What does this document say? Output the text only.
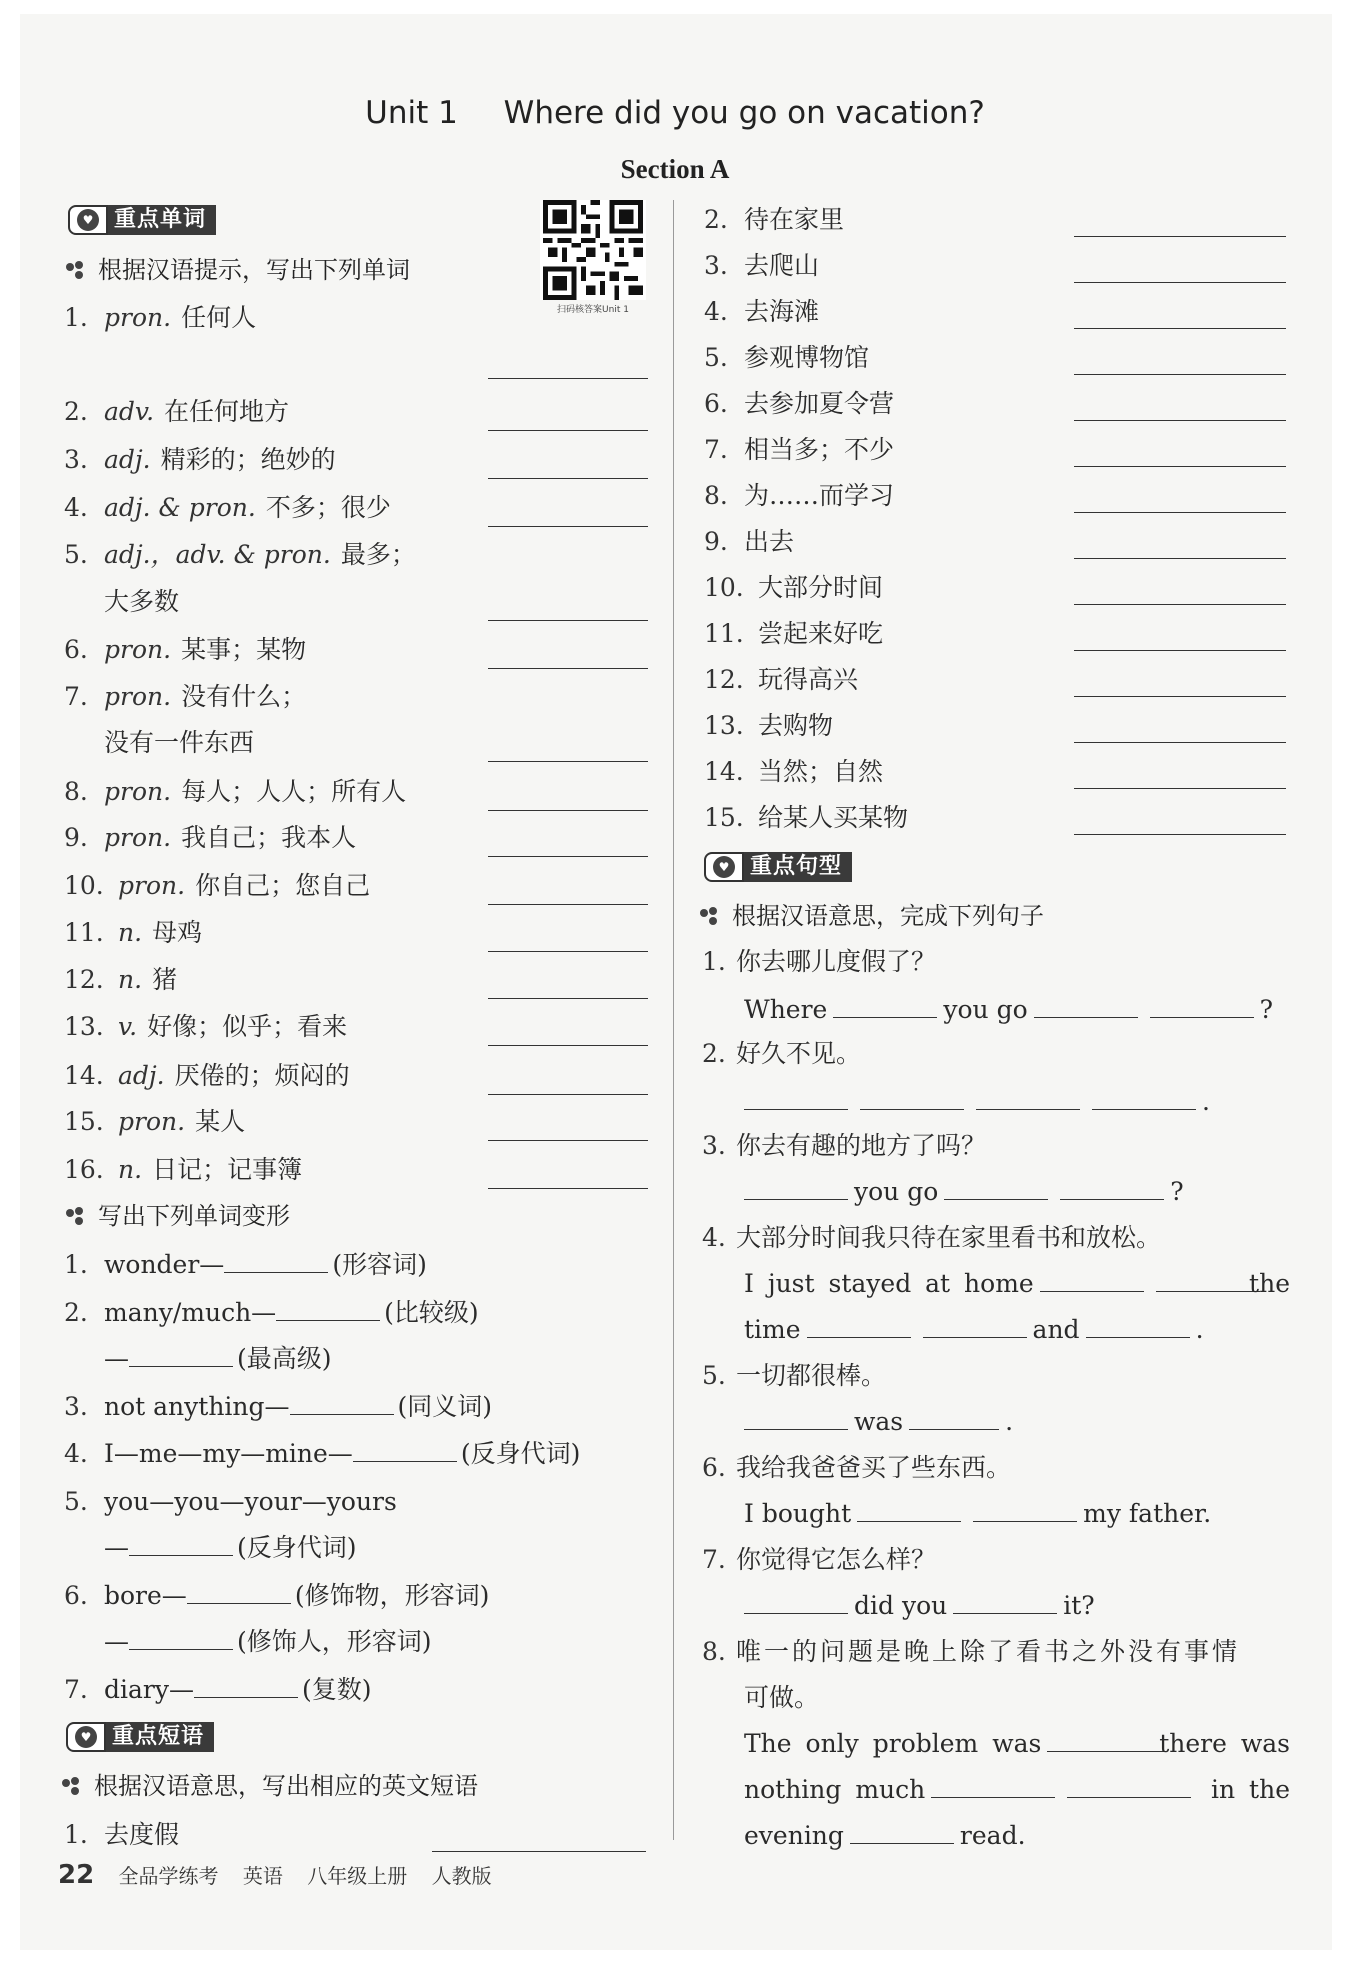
Unit 1 Where did you go on vacation?
Section A
扫码核答案Unit 1
♥ 重点单词
根据汉语提示，写出下列单词
1. pron. 任何人
2. adv. 在任何地方
3. adj. 精彩的；绝妙的
4. adj. & pron. 不多；很少
5. adj.，adv. & pron. 最多；
大多数
6. pron. 某事；某物
7. pron. 没有什么；
没有一件东西
8. pron. 每人；人人；所有人
9. pron. 我自己；我本人
10. pron. 你自己；您自己
11. n. 母鸡
12. n. 猪
13. v. 好像；似乎；看来
14. adj. 厌倦的；烦闷的
15. pron. 某人
16. n. 日记；记事簿
1. wonder—	(形容词)
2. many/much—	(比较级)
—	(最高级)
3. not anything—	(同义词)
4. I—me—my—mine—	(反身代词)
5. you—you—your—yours
—	(反身代词)
6. bore—	(修饰物，形容词)
—	(修饰人，形容词)
7. diary—	(复数)
♥ 重点短语
根据汉语意思，写出相应的英文短语
1. 去度假
2. 待在家里
3. 去爬山
4. 去海滩
5. 参观博物馆
6. 去参加夏令营
7. 相当多；不少
8. 为……而学习
9. 出去
10. 大部分时间
11. 尝起来好吃
12. 玩得高兴
13. 去购物
14. 当然；自然
15. 给某人买某物
♥ 重点句型
根据汉语意思，完成下列句子
1. 你去哪儿度假了？
Where	you go	?
2. 好久不见。
.
3. 你去有趣的地方了吗？
you go	?
4. 大部分时间我只待在家里看书和放松。
I just stayed at home	the
time	and	.
5. 一切都很棒。
was	.
6. 我给我爸爸买了些东西。
I bought	my father.
7. 你觉得它怎么样？
did you	it?
8. 唯一的问题是晚上除了看书之外没有事情
可做。
The only problem was	there was
nothing much	in the
evening	read.
22 全品学练考 英语 八年级上册 人教版
写出下列单词变形
